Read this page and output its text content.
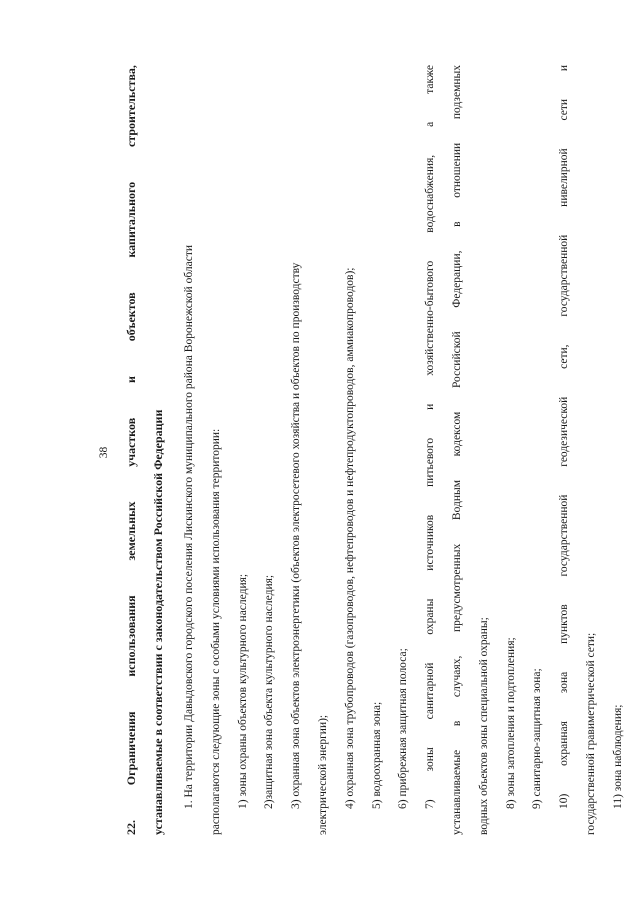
38
22.
Ограничения
использования
земельных
участков
и
объектов
капитального
строительства,
устанавливаемые в соответствии с законодательством Российской Федерации	1. На территории Давыдовского городского поселения Лискинского муниципального района Воронежской области	располагаются следующие зоны с особыми условиями использования территории:	1) зоны охраны объектов культурного наследия;	2)защитная зона объекта культурного наследия;	3) охранная зона объектов электроэнергетики (объектов электросетевого хозяйства и объектов по производству	электрической энергии);	4) охранная зона трубопроводов (газопроводов, нефтепроводов и нефтепродуктопроводов, аммиакопроводов);	5) водоохранная зона;	6) прибрежная защитная полоса;	7) зоны санитарной охраны источников питьевого и хозяйственно-бытового водоснабжения, а также	устанавливаемые в случаях, предусмотренных Водным кодексом Российской Федерации, в отношении подземных	водных объектов зоны специальной охраны;	8) зоны затопления и подтопления;	9) санитарно-защитная зона;	10) охранная зона пунктов государственной геодезической сети, государственной нивелирной сети и	государственной гравиметрической сети;	11) зона наблюдения;
